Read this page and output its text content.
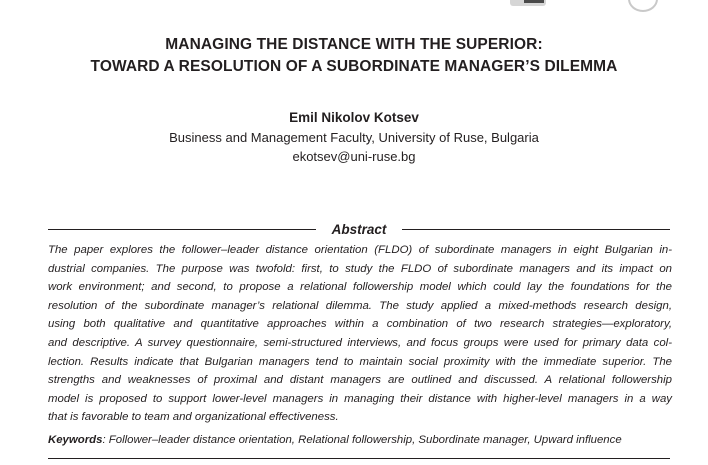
MANAGING THE DISTANCE WITH THE SUPERIOR:
TOWARD A RESOLUTION OF A SUBORDINATE MANAGER’S DILEMMA
Emil Nikolov Kotsev
Business and Management Faculty, University of Ruse, Bulgaria
ekotsev@uni-ruse.bg
Abstract
The paper explores the follower–leader distance orientation (FLDO) of subordinate managers in eight Bulgarian in-
dustrial companies. The purpose was twofold: first, to study the FLDO of subordinate managers and its impact on
work environment; and second, to propose a relational followership model which could lay the foundations for the
resolution of the subordinate manager’s relational dilemma. The study applied a mixed-methods research design,
using both qualitative and quantitative approaches within a combination of two research strategies—exploratory,
and descriptive. A survey questionnaire, semi-structured interviews, and focus groups were used for primary data col-
lection. Results indicate that Bulgarian managers tend to maintain social proximity with the immediate superior. The
strengths and weaknesses of proximal and distant managers are outlined and discussed. A relational followership
model is proposed to support lower-level managers in managing their distance with higher-level managers in a way
that is favorable to team and organizational effectiveness.
Keywords: Follower–leader distance orientation, Relational followership, Subordinate manager, Upward influence
